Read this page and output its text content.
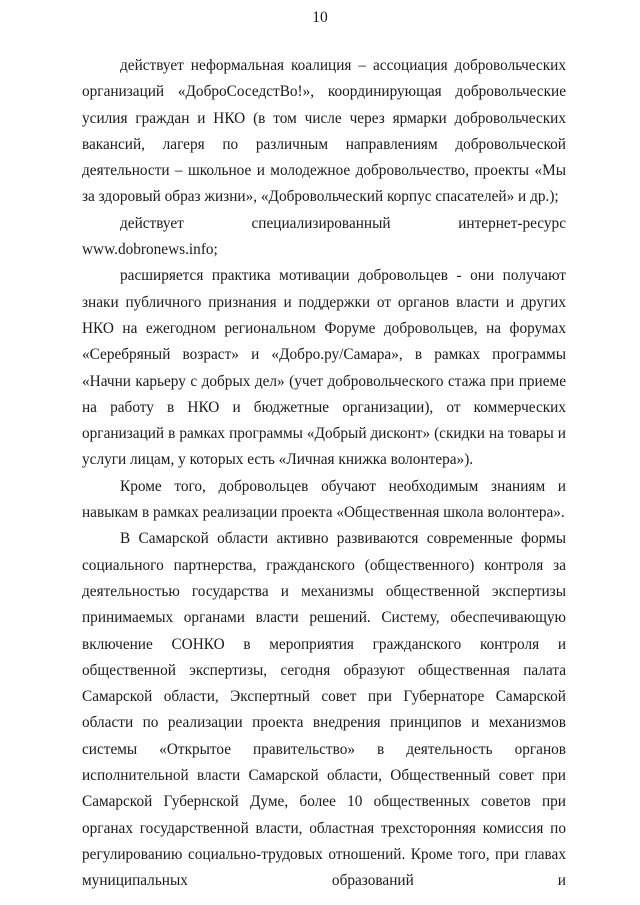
10

действует неформальная коалиция – ассоциация добровольческих организаций «ДоброСоседстВо!», координирующая добровольческие усилия граждан и НКО (в том числе через ярмарки добровольческих вакансий, лагеря по различным направлениям добровольческой деятельности – школьное и молодежное добровольчество, проекты «Мы за здоровый образ жизни», «Добровольческий корпус спасателей» и др.);

действует специализированный интернет-ресурс www.dobronews.info;

расширяется практика мотивации добровольцев - они получают знаки публичного признания и поддержки от органов власти и других НКО на ежегодном региональном Форуме добровольцев, на форумах «Серебряный возраст» и «Добро.ру/Самара», в рамках программы «Начни карьеру с добрых дел» (учет добровольческого стажа при приеме на работу в НКО и бюджетные организации), от коммерческих организаций в рамках программы «Добрый дисконт» (скидки на товары и услуги лицам, у которых есть «Личная книжка волонтера»).

Кроме того, добровольцев обучают необходимым знаниям и навыкам в рамках реализации проекта «Общественная школа волонтера».

В Самарской области активно развиваются современные формы социального партнерства, гражданского (общественного) контроля за деятельностью государства и механизмы общественной экспертизы принимаемых органами власти решений. Систему, обеспечивающую включение СОНКО в мероприятия гражданского контроля и общественной экспертизы, сегодня образуют общественная палата Самарской области, Экспертный совет при Губернаторе Самарской области по реализации проекта внедрения принципов и механизмов системы «Открытое правительство» в деятельность органов исполнительной власти Самарской области, Общественный совет при Самарской Губернской Думе, более 10 общественных советов при органах государственной власти, областная трехсторонняя комиссия по регулированию социально-трудовых отношений. Кроме того, при главах муниципальных образований и
